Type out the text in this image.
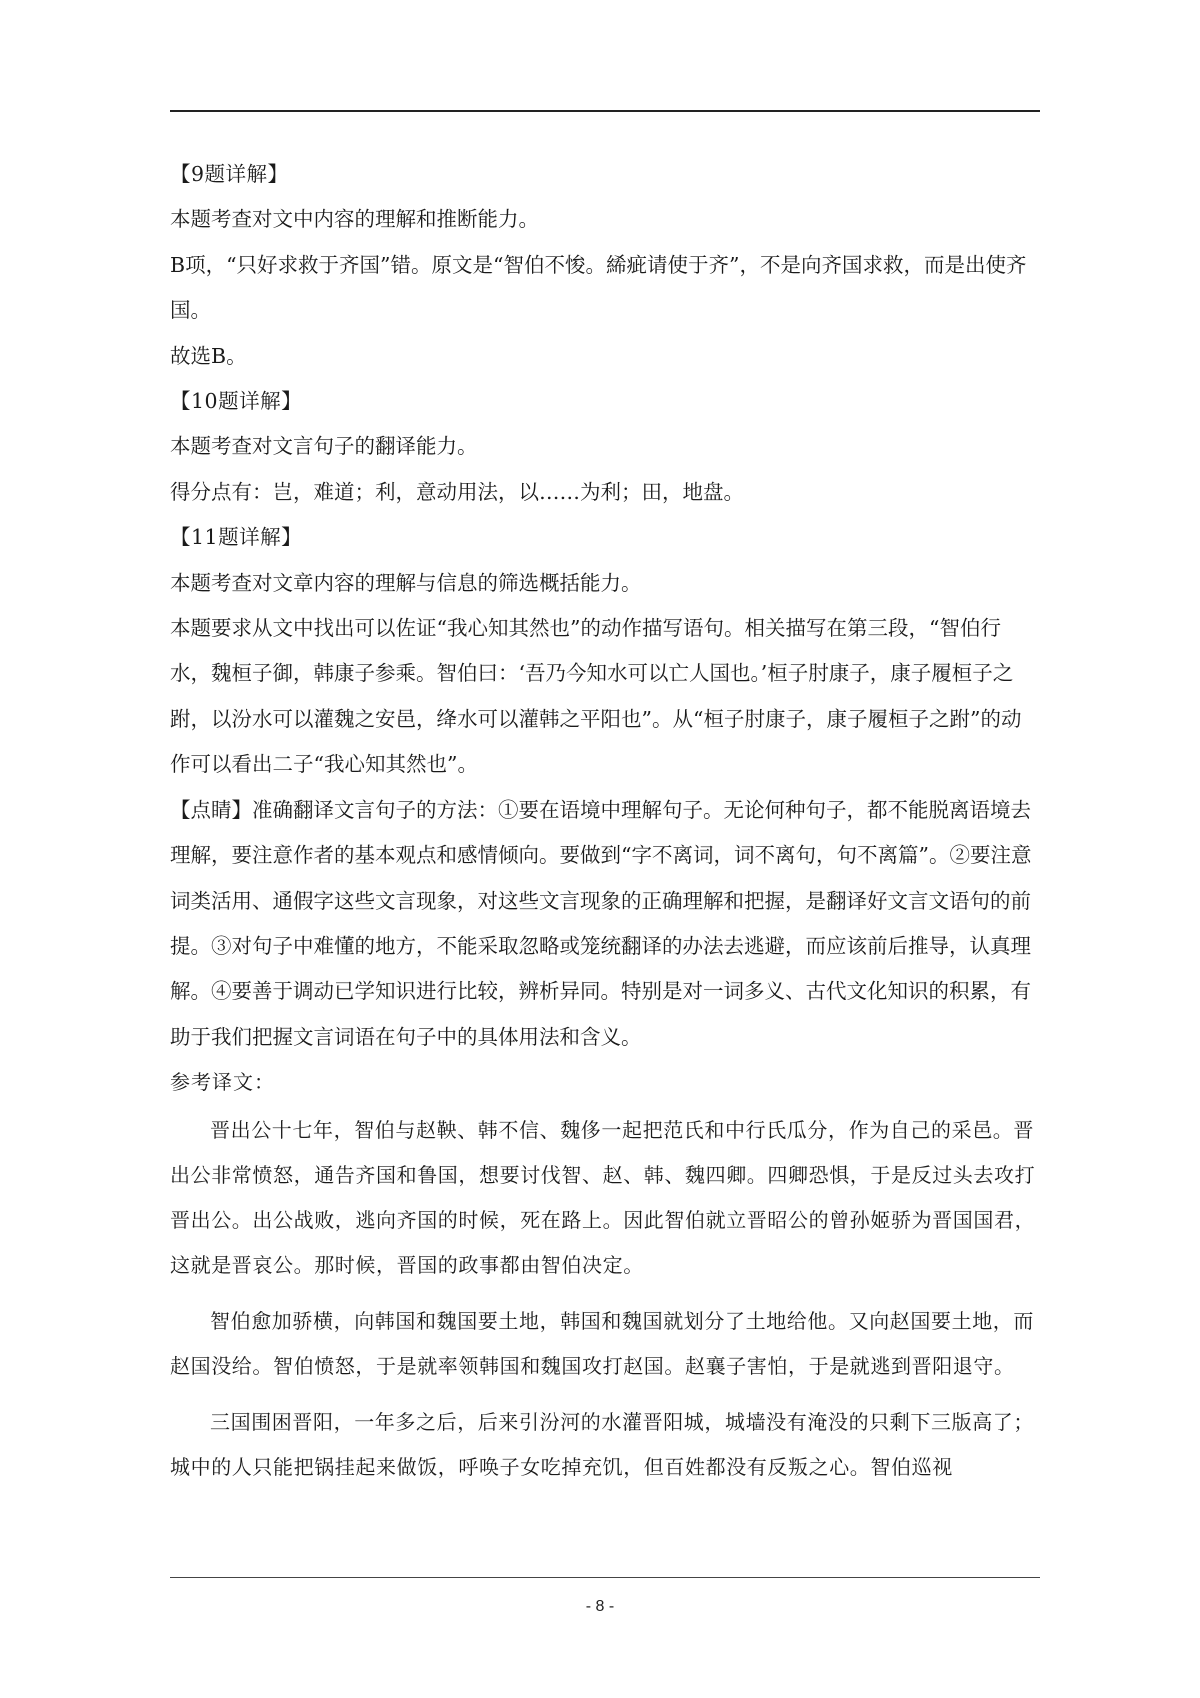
【9题详解】

本题考查对文中内容的理解和推断能力。

B项，“只好求救于齐国”错。原文是“智伯不悛。絺疵请使于齐”，不是向齐国求救，而是出使齐国。

故选B。

【10题详解】

本题考查对文言句子的翻译能力。

得分点有：岂，难道；利，意动用法，以……为利；田，地盘。

【11题详解】

本题考查对文章内容的理解与信息的筛选概括能力。

本题要求从文中找出可以佐证“我心知其然也”的动作描写语句。相关描写在第三段，“智伯行水，魏桓子御，韩康子参乘。智伯曰：‘吾乃今知水可以亡人国也。’桓子肘康子，康子履桓子之跗，以汾水可以灌魏之安邑，绛水可以灌韩之平阳也”。从“桓子肘康子，康子履桓子之跗”的动作可以看出二子“我心知其然也”。

【点睛】准确翻译文言句子的方法：①要在语境中理解句子。无论何种句子，都不能脱离语境去理解，要注意作者的基本观点和感情倾向。要做到“字不离词，词不离句，句不离篇”。②要注意词类活用、通假字这些文言现象，对这些文言现象的正确理解和把握，是翻译好文言文语句的前提。③对句子中难懂的地方，不能采取忽略或笼统翻译的办法去逃避，而应该前后推导，认真理解。④要善于调动已学知识进行比较，辨析异同。特别是对一词多义、古代文化知识的积累，有助于我们把握文言词语在句子中的具体用法和含义。

参考译文：

晋出公十七年，智伯与赵鞅、韩不信、魏侈一起把范氏和中行氏瓜分，作为自己的采邑。晋出公非常愤怒，通告齐国和鲁国，想要讨伐智、赵、韩、魏四卿。四卿恐惧，于是反过头去攻打晋出公。出公战败，逃向齐国的时候，死在路上。因此智伯就立晋昭公的曾孙姬骄为晋国国君，这就是晋哀公。那时候，晋国的政事都由智伯决定。

智伯愈加骄横，向韩国和魏国要土地，韩国和魏国就划分了土地给他。又向赵国要土地，而赵国没给。智伯愤怒，于是就率领韩国和魏国攻打赵国。赵襄子害怕，于是就逃到晋阳退守。

三国围困晋阳，一年多之后，后来引汾河的水灌晋阳城，城墙没有淹没的只剩下三版高了；城中的人只能把锅挂起来做饭，呼唤子女吃掉充饥，但百姓都没有反叛之心。智伯巡视

- 8 -
